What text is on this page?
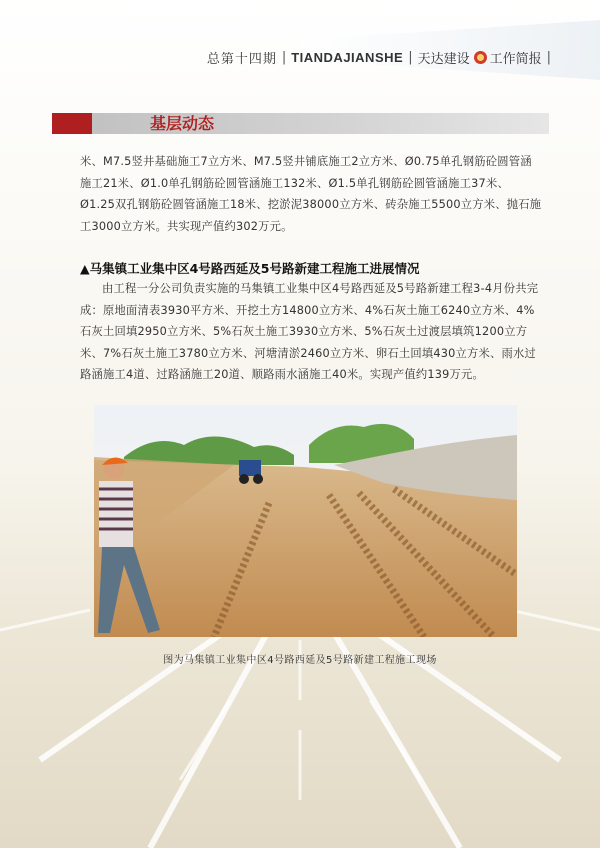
总第十四期 | TIANDAJIANSHE | 天达建设 工作简报 |
基层动态
米、M7.5竖井基础施工7立方米、M7.5竖井铺底施工2立方米、Ø0.75单孔钢筋砼圆管涵施工21米、Ø1.0单孔钢筋砼圆管涵施工132米、Ø1.5单孔钢筋砼圆管涵施工37米、Ø1.25双孔钢筋砼圆管涵施工18米、挖淤泥38000立方米、砖杂施工5500立方米、抛石施工3000立方米。共实现产值约302万元。
▲马集镇工业集中区4号路西延及5号路新建工程施工进展情况
由工程一分公司负责实施的马集镇工业集中区4号路西延及5号路新建工程3-4月份共完成：原地面清表3930平方米、开挖土方14800立方米、4%石灰土施工6240立方米、4%石灰土回填2950立方米、5%石灰土施工3930立方米、5%石灰土过渡层填筑1200立方米、7%石灰土施工3780立方米、河塘清淤2460立方米、卵石土回填430立方米、雨水过路涵施工4道、过路涵施工20道、顺路雨水涵施工40米。实现产值约139万元。
图为马集镇工业集中区4号路西延及5号路新建工程施工现场
